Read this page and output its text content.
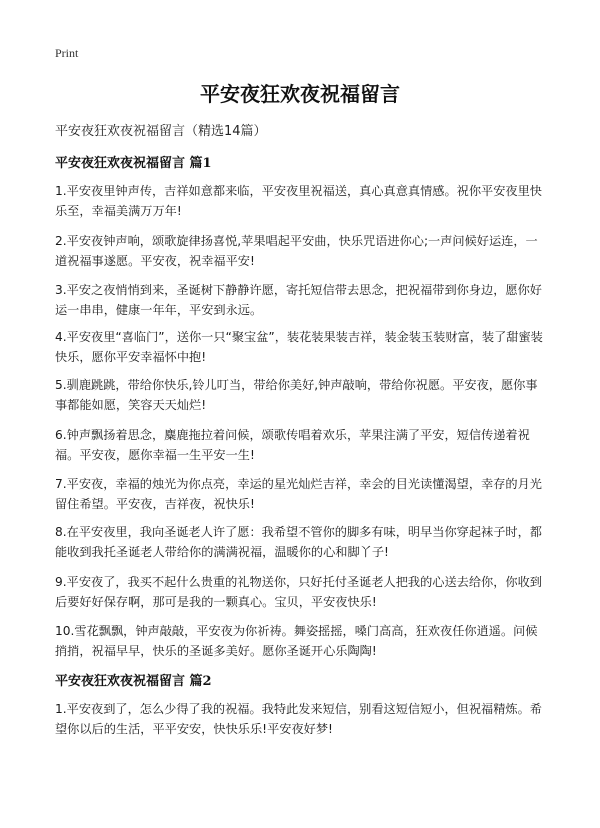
Print
平安夜狂欢夜祝福留言
平安夜狂欢夜祝福留言（精选14篇）
平安夜狂欢夜祝福留言 篇1
1.平安夜里钟声传，吉祥如意都来临，平安夜里祝福送，真心真意真情感。祝你平安夜里快乐至，幸福美满万万年!
2.平安夜钟声响，颂歌旋律扬喜悦,苹果唱起平安曲，快乐咒语进你心;一声问候好运连，一道祝福事遂愿。平安夜，祝幸福平安!
3.平安之夜悄悄到来，圣诞树下静静许愿，寄托短信带去思念，把祝福带到你身边，愿你好运一串串，健康一年年，平安到永远。
4.平安夜里“喜临门”，送你一只“聚宝盆”，装花装果装吉祥，装金装玉装财富，装了甜蜜装快乐，愿你平安幸福怀中抱!
5.驯鹿跳跳，带给你快乐,铃儿叮当，带给你美好,钟声敲响，带给你祝愿。平安夜，愿你事事都能如愿，笑容天天灿烂!
6.钟声飘扬着思念，麋鹿拖拉着问候，颂歌传唱着欢乐，苹果注满了平安，短信传递着祝福。平安夜，愿你幸福一生平安一生!
7.平安夜，幸福的烛光为你点亮，幸运的星光灿烂吉祥，幸会的目光读懂渴望，幸存的月光留住希望。平安夜，吉祥夜，祝快乐!
8.在平安夜里，我向圣诞老人许了愿：我希望不管你的脚多有味，明早当你穿起袜子时，都能收到我托圣诞老人带给你的满满祝福，温暖你的心和脚丫子!
9.平安夜了，我买不起什么贵重的礼物送你，只好托付圣诞老人把我的心送去给你，你收到后要好好保存啊，那可是我的一颗真心。宝贝，平安夜快乐!
10.雪花飘飘，钟声敲敲，平安夜为你祈祷。舞姿摇摇，嗓门高高，狂欢夜任你逍遥。问候捎捎，祝福早早，快乐的圣诞多美好。愿你圣诞开心乐陶陶!
平安夜狂欢夜祝福留言 篇2
1.平安夜到了，怎么少得了我的祝福。我特此发来短信，别看这短信短小，但祝福精炼。希望你以后的生活，平平安安，快快乐乐!平安夜好梦!
